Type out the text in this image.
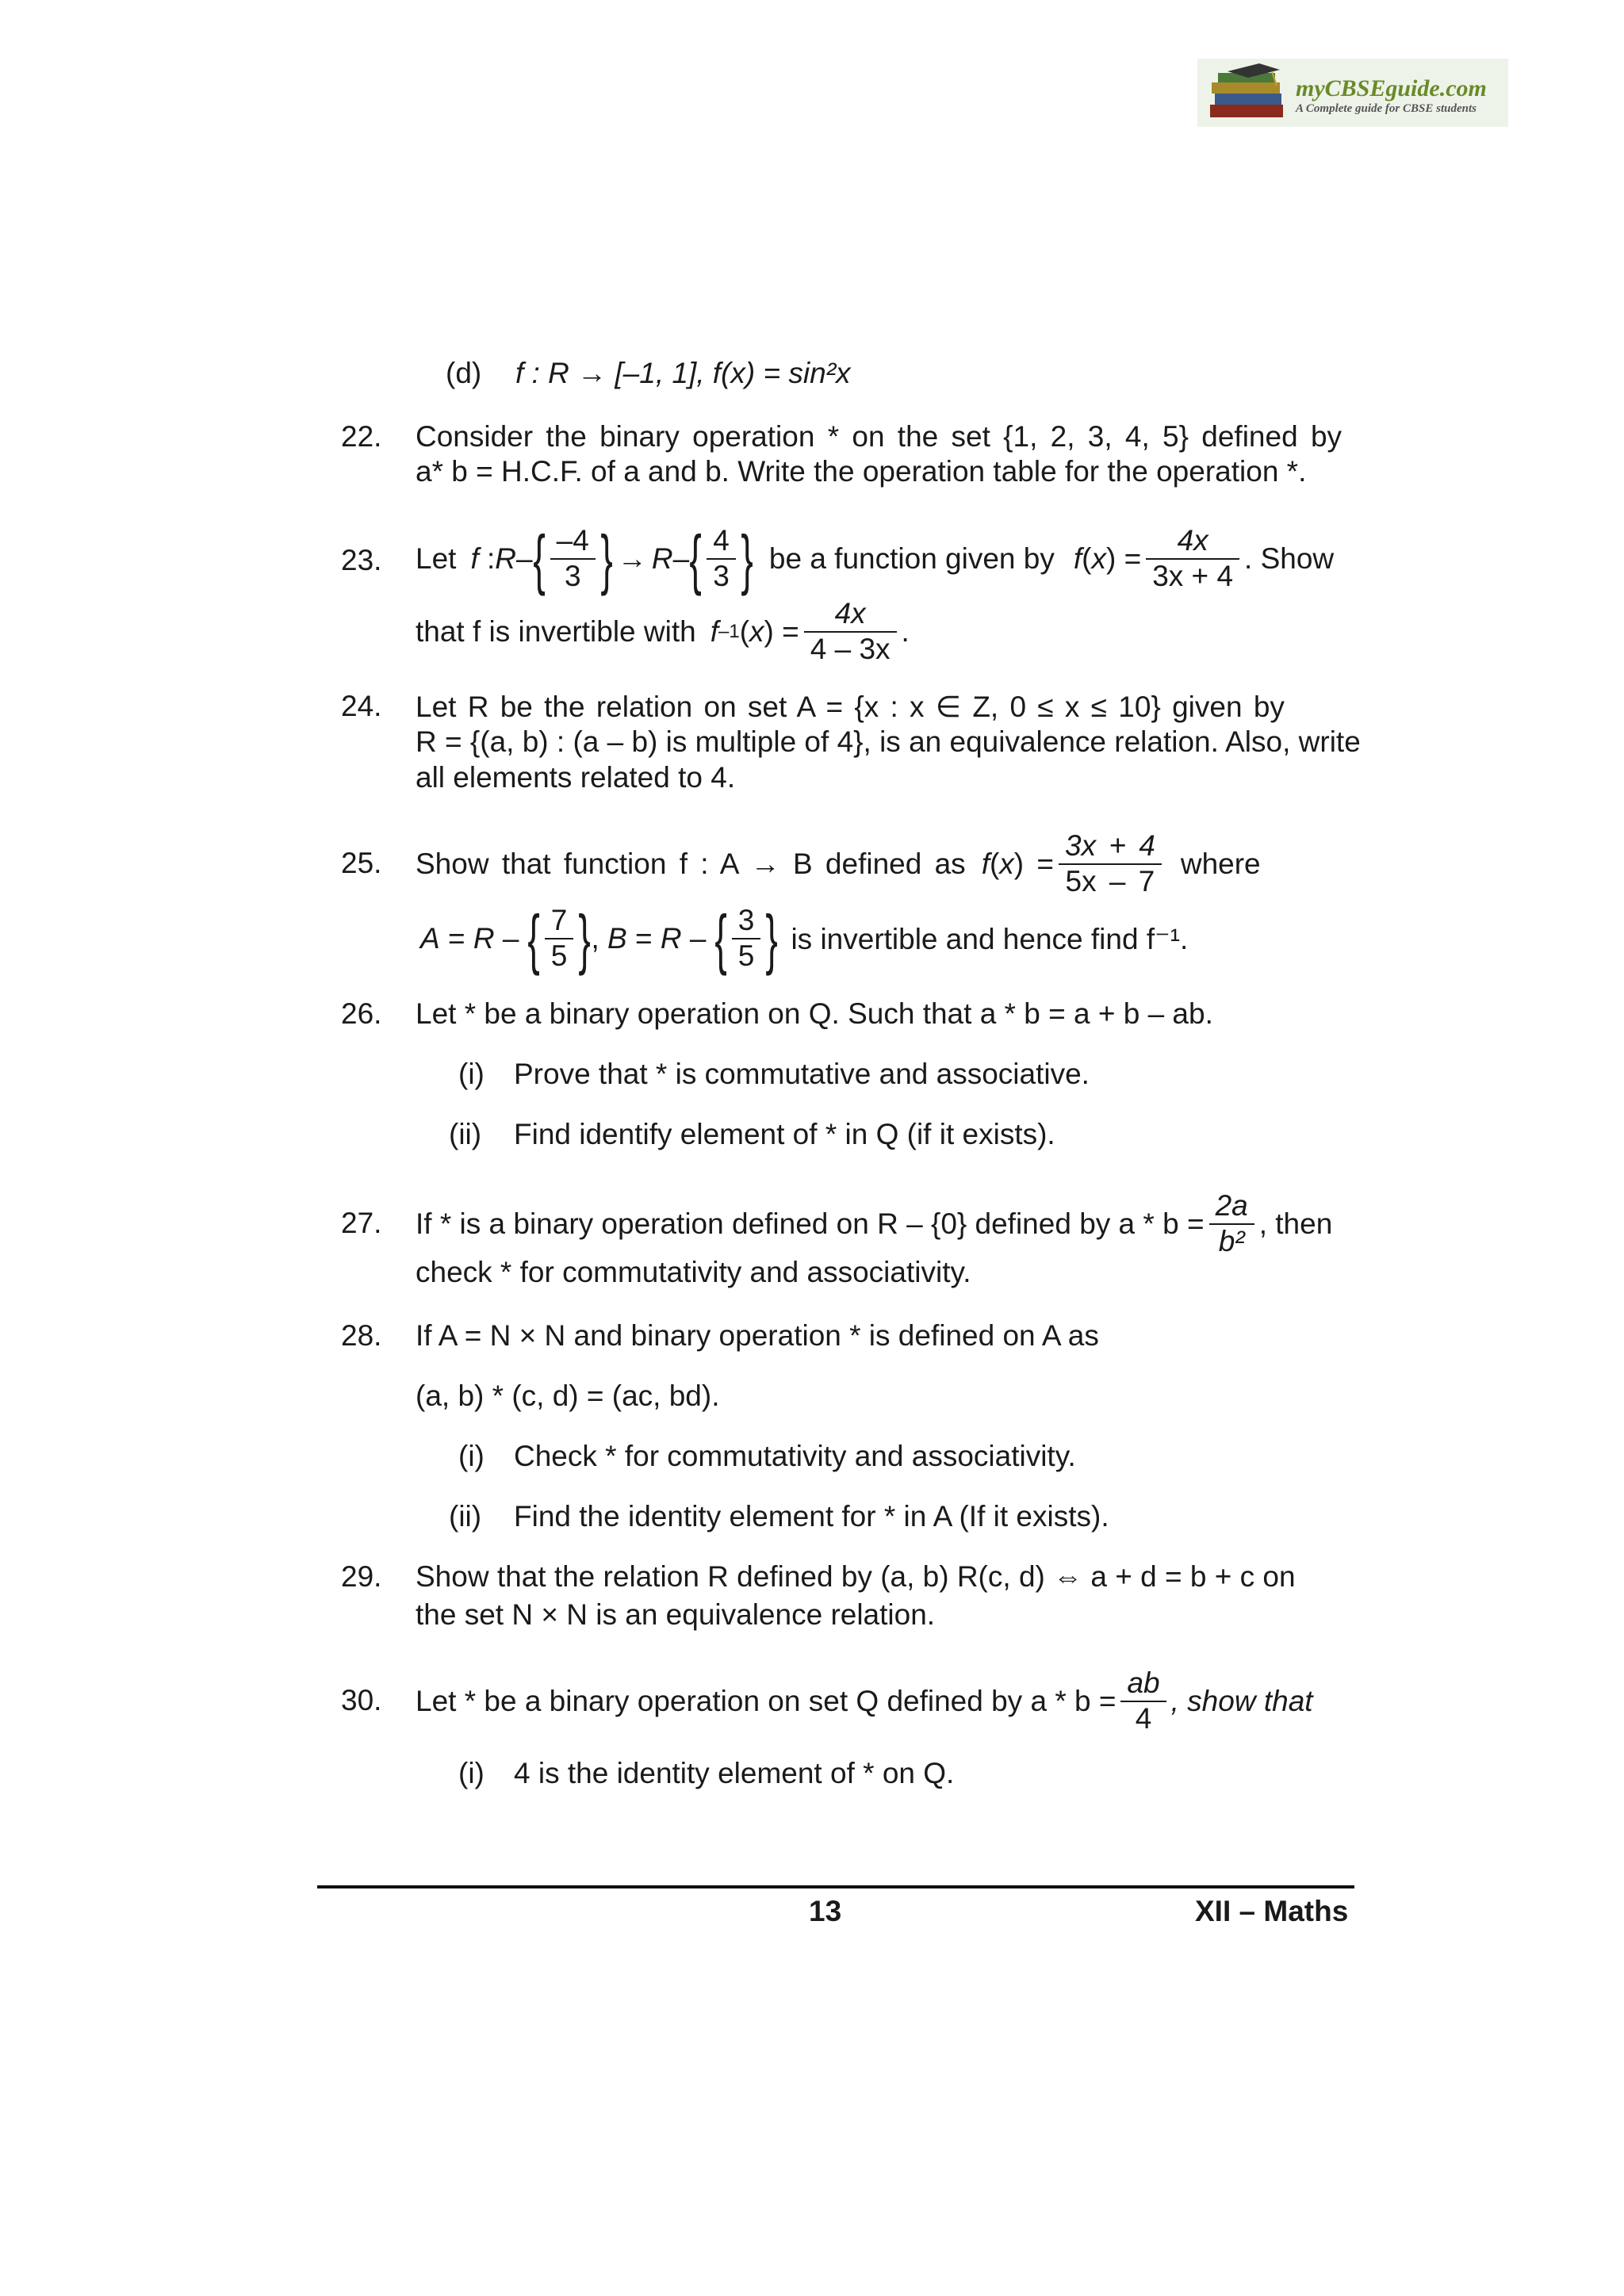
myCBSEguide.com
A Complete guide for CBSE students
(d) f : R → [–1, 1], f(x) = sin²x
22. Consider the binary operation * on the set {1, 2, 3, 4, 5} defined by
a* b = H.C.F. of a and b. Write the operation table for the operation *.
23. Let f : R – { $\frac{-4}{3}$ } → R – { $\frac{4}{3}$ } be a function given by f ( x ) = $\frac{4x}{3x + 4}$ . Show
that f is invertible with f –1 ( x ) = $\frac{4x}{4 - 3x}$ .
24. Let R be the relation on set A = {x : x ∈ Z, 0 ≤ x ≤ 10} given by
R = {(a, b) : (a – b) is multiple of 4}, is an equivalence relation. Also, write
all elements related to 4.
25. Show that function f : A → B defined as f ( x ) = $\frac{3x + 4}{5x - 7}$ where
A = R – { $\frac{7}{5}$ } , B = R – { $\frac{3}{5}$ } is invertible and hence find f⁻¹.
26. Let * be a binary operation on Q. Such that a * b = a + b – ab.
(i) Prove that * is commutative and associative.
(ii) Find identify element of * in Q (if it exists).
27. If * is a binary operation defined on R – {0} defined by $a * b = \frac{2a}{\text{b²}}$ , then
check * for commutativity and associativity.
28. If A = N × N and binary operation * is defined on A as
(a, b) * (c, d) = (ac, bd).
(i) Check * for commutativity and associativity.
(ii) Find the identity element for * in A (If it exists).
29. Show that the relation R defined by (a, b) R(c, d) ⇔ a + d = b + c on
the set N × N is an equivalence relation.
30. Let * be a binary operation on set Q defined by $a * b = \frac{ab}{4}$ , show that
(i) 4 is the identity element of * on Q.
13	XII – Maths
